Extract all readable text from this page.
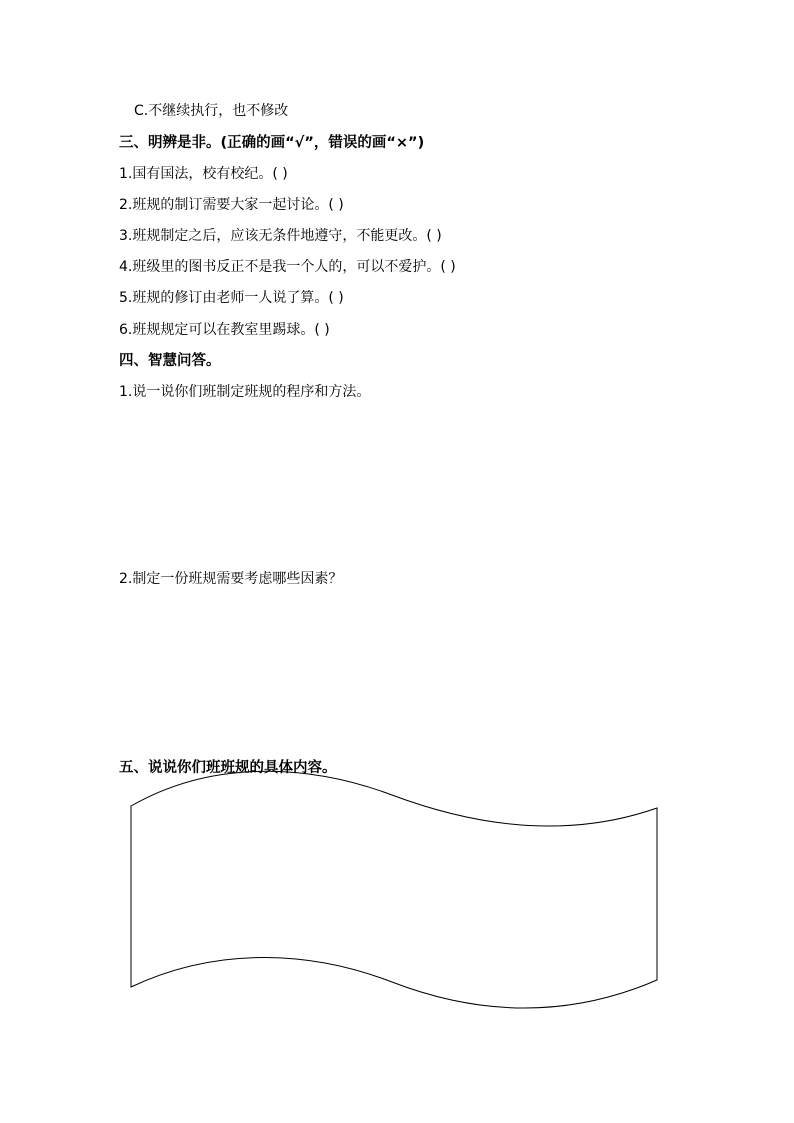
C.不继续执行，也不修改
三、明辨是非。(正确的画“√”，错误的画“×”)
1.国有国法，校有校纪。( )
2.班规的制订需要大家一起讨论。( )
3.班规制定之后，应该无条件地遵守，不能更改。( )
4.班级里的图书反正不是我一个人的，可以不爱护。( )
5.班规的修订由老师一人说了算。( )
6.班规规定可以在教室里踢球。( )
四、智慧问答。
1.说一说你们班制定班规的程序和方法。
2.制定一份班规需要考虑哪些因素？
五、说说你们班班规的具体内容。
